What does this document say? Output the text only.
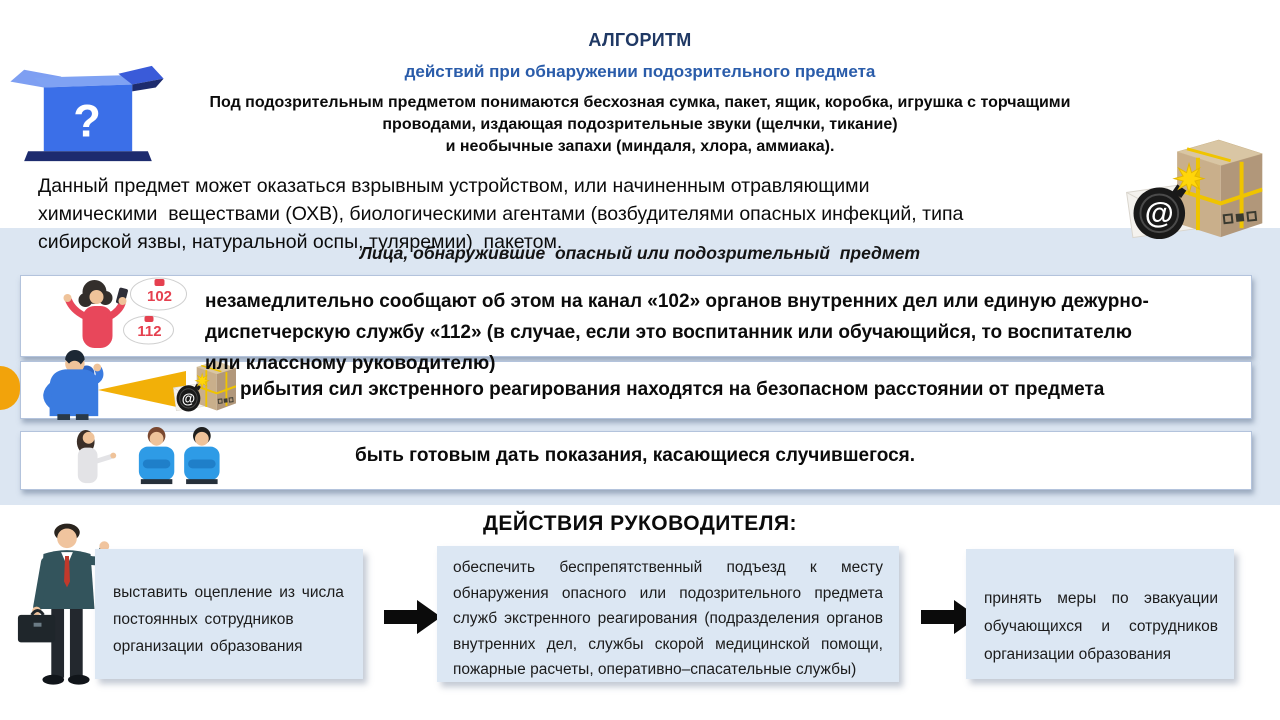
?
АЛГОРИТМ
действий при обнаружении подозрительного предмета
Под подозрительным предметом понимаются бесхозная сумка, пакет, ящик, коробка, игрушка с торчащими
проводами, издающая подозрительные звуки (щелчки, тикание)
и необычные запахи (миндаля, хлора, аммиака).
Данный предмет может оказаться взрывным устройством, или начиненным отравляющими
химическими  веществами (ОХВ), биологическими агентами (возбудителями опасных инфекций, типа
сибирской язвы, натуральной оспы, туляремии)  пакетом.
Лица, обнаружившие  опасный или подозрительный  предмет
102
112
незамедлительно сообщают об этом на канал «102» органов внутренних дел или единую дежурно-
диспетчерскую службу «112» (в случае, если это воспитанник или обучающийся, то воспитателю
или классному руководителю)
рибытия сил экстренного реагирования находятся на безопасном расстоянии от предмета
быть готовым дать показания, касающиеся случившегося.
ДЕЙСТВИЯ РУКОВОДИТЕЛЯ:
выставить оцепление из числа постоянных сотрудников организации образования
обеспечить беспрепятственный подъезд к месту обнаружения опасного или подозрительного предмета служб экстренного реагирования (подразделения органов внутренних дел, службы скорой медицинской помощи, пожарные расчеты, оперативно–спасательные службы)
принять меры по эвакуации обучающихся и сотрудников организации образования
